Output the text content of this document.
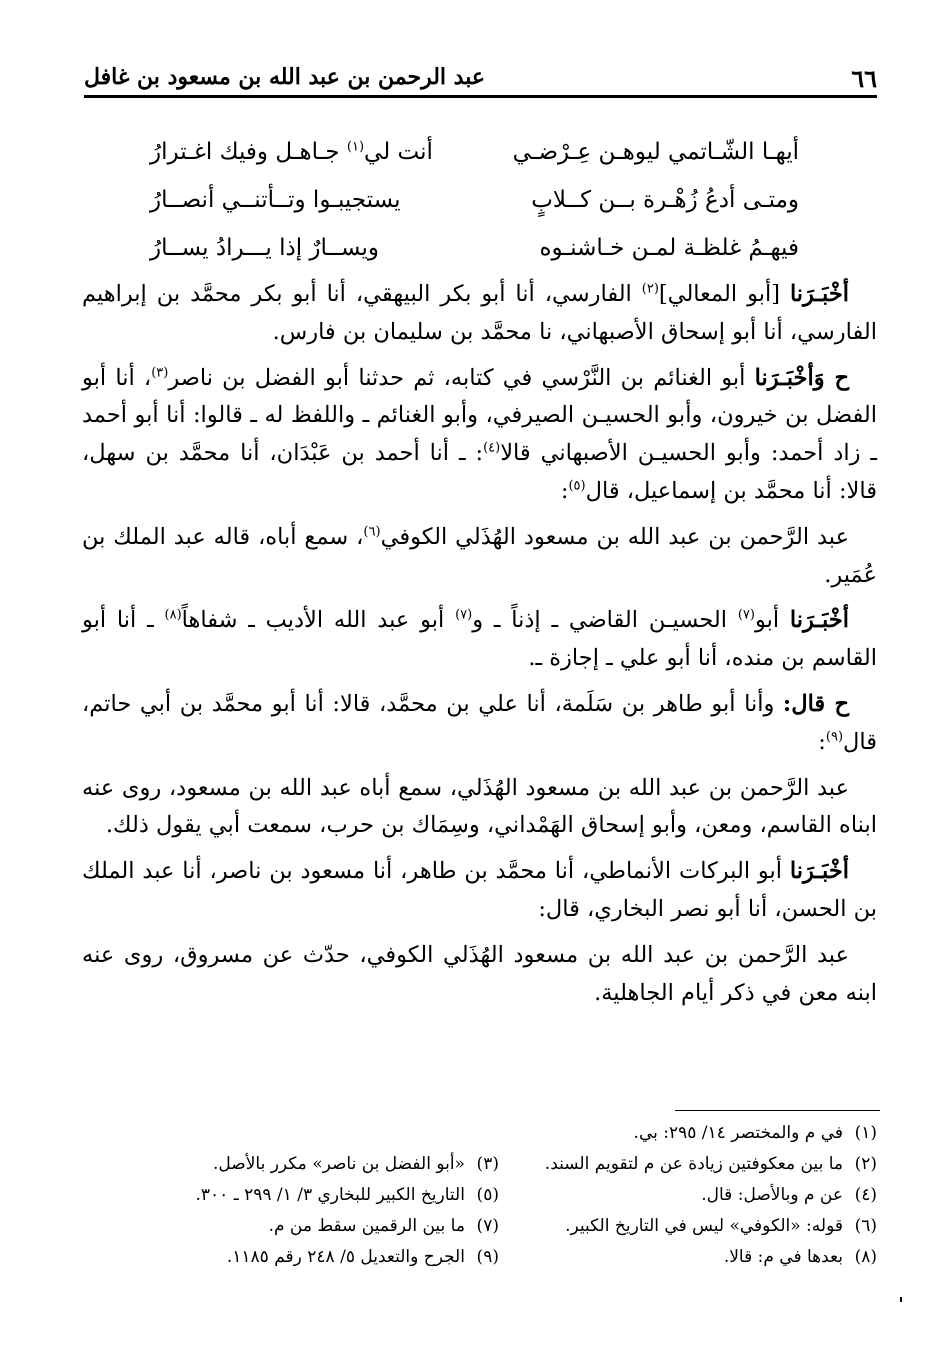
٦٦
عبد الرحمن بن عبد الله بن مسعود بن غافل
أيهـا الشّـاتمي ليوهـن عِـرْضـي
أنت لي$^{(١)}$ جـاهـل وفيك اغـترارُ
ومتـى أدعُ زُهْـرة بــن كــلابٍ
يستجيبـوا وتــأتنــي أنصــارُ
فيهـمُ غلظـة لمـن خـاشنـوه
ويســارٌ إذا يـــرادُ يســارُ

أخْبَـرَنا [أبو المعالي]$^{(٢)}$ الفارسي، أنا أبو بكر البيهقي، أنا أبو بكر محمَّد بن إبراهيم الفارسي، أنا أبو إسحاق الأصبهاني، نا محمَّد بن سليمان بن فارس.

ح وَأخْبَـرَنا أبو الغنائم بن النَّرْسي في كتابه، ثم حدثنا أبو الفضل بن ناصر$^{(٣)}$، أنا أبو الفضل بن خيرون، وأبو الحسيـن الصيرفي، وأبو الغنائم ـ واللفظ له ـ قالوا: أنا أبو أحمد ـ زاد أحمد: وأبو الحسيـن الأصبهاني قالا$^{(٤)}$: ـ أنا أحمد بن عَبْدَان، أنا محمَّد بن سهل، قالا: أنا محمَّد بن إسماعيل، قال$^{(٥)}$:

عبد الرَّحمن بن عبد الله بن مسعود الهُذَلي الكوفي$^{(٦)}$، سمع أباه، قاله عبد الملك بن عُمَير.

أخْبَـرَنا أبو$^{(٧)}$ الحسيـن القاضي ـ إذناً ـ و$^{(٧)}$ أبو عبد الله الأديب ـ شفاهاً$^{(٨)}$ ـ أنا أبو القاسم بن منده، أنا أبو علي ـ إجازة ـ.

ح قال: وأنا أبو طاهر بن سَلَمة، أنا علي بن محمَّد، قالا: أنا أبو محمَّد بن أبي حاتم، قال$^{(٩)}$:

عبد الرَّحمن بن عبد الله بن مسعود الهُذَلي، سمع أباه عبد الله بن مسعود، روى عنه ابناه القاسم، ومعن، وأبو إسحاق الهَمْداني، وسِمَاك بن حرب، سمعت أبي يقول ذلك.

أخْبَـرَنا أبو البركات الأنماطي، أنا محمَّد بن طاهر، أنا مسعود بن ناصر، أنا عبد الملك بن الحسن، أنا أبو نصر البخاري، قال:

عبد الرَّحمن بن عبد الله بن مسعود الهُذَلي الكوفي، حدّث عن مسروق، روى عنه ابنه معن في ذكر أيام الجاهلية.

(١)في م والمختصر ١٤/ ٢٩٥: بي.
(٢)ما بين معكوفتين زيادة عن م لتقويم السند.
(٣)«أبو الفضل بن ناصر» مكرر بالأصل.
(٤)عن م وبالأصل: قال.
(٥)التاريخ الكبير للبخاري ٣/ ١/ ٢٩٩ ـ ٣٠٠.
(٦)قوله: «الكوفي» ليس في التاريخ الكبير.
(٧)ما بين الرقمين سقط من م.
(٨)بعدها في م: قالا.
(٩)الجرح والتعديل ٥/ ٢٤٨ رقم ١١٨٥.
